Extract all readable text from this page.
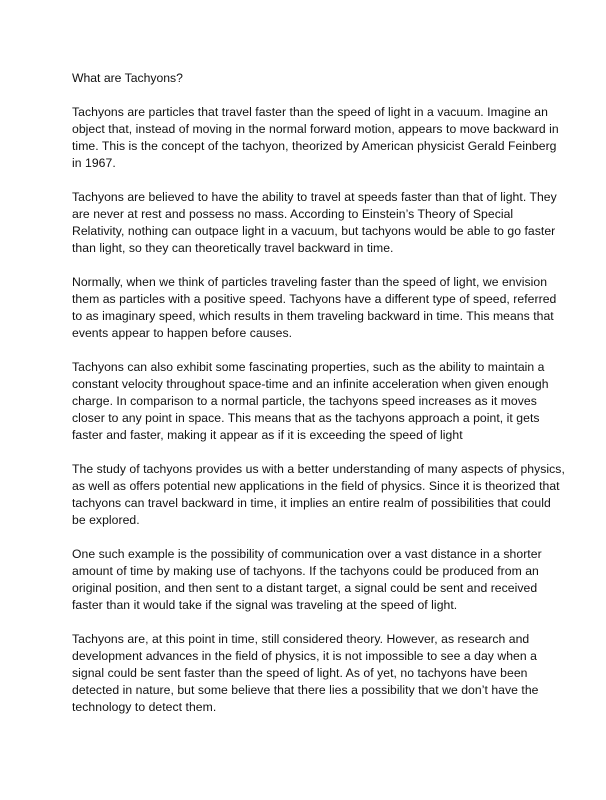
What are Tachyons?

Tachyons are particles that travel faster than the speed of light in a vacuum. Imagine an object that, instead of moving in the normal forward motion, appears to move backward in time. This is the concept of the tachyon, theorized by American physicist Gerald Feinberg in 1967.

Tachyons are believed to have the ability to travel at speeds faster than that of light. They are never at rest and possess no mass. According to Einstein’s Theory of Special Relativity, nothing can outpace light in a vacuum, but tachyons would be able to go faster than light, so they can theoretically travel backward in time.

Normally, when we think of particles traveling faster than the speed of light, we envision them as particles with a positive speed. Tachyons have a different type of speed, referred to as imaginary speed, which results in them traveling backward in time. This means that events appear to happen before causes.

Tachyons can also exhibit some fascinating properties, such as the ability to maintain a constant velocity throughout space-time and an infinite acceleration when given enough charge. In comparison to a normal particle, the tachyons speed increases as it moves closer to any point in space. This means that as the tachyons approach a point, it gets faster and faster, making it appear as if it is exceeding the speed of light

The study of tachyons provides us with a better understanding of many aspects of physics, as well as offers potential new applications in the field of physics. Since it is theorized that tachyons can travel backward in time, it implies an entire realm of possibilities that could be explored.

One such example is the possibility of communication over a vast distance in a shorter amount of time by making use of tachyons. If the tachyons could be produced from an original position, and then sent to a distant target, a signal could be sent and received faster than it would take if the signal was traveling at the speed of light.

Tachyons are, at this point in time, still considered theory. However, as research and development advances in the field of physics, it is not impossible to see a day when a signal could be sent faster than the speed of light. As of yet, no tachyons have been detected in nature, but some believe that there lies a possibility that we don’t have the technology to detect them.
